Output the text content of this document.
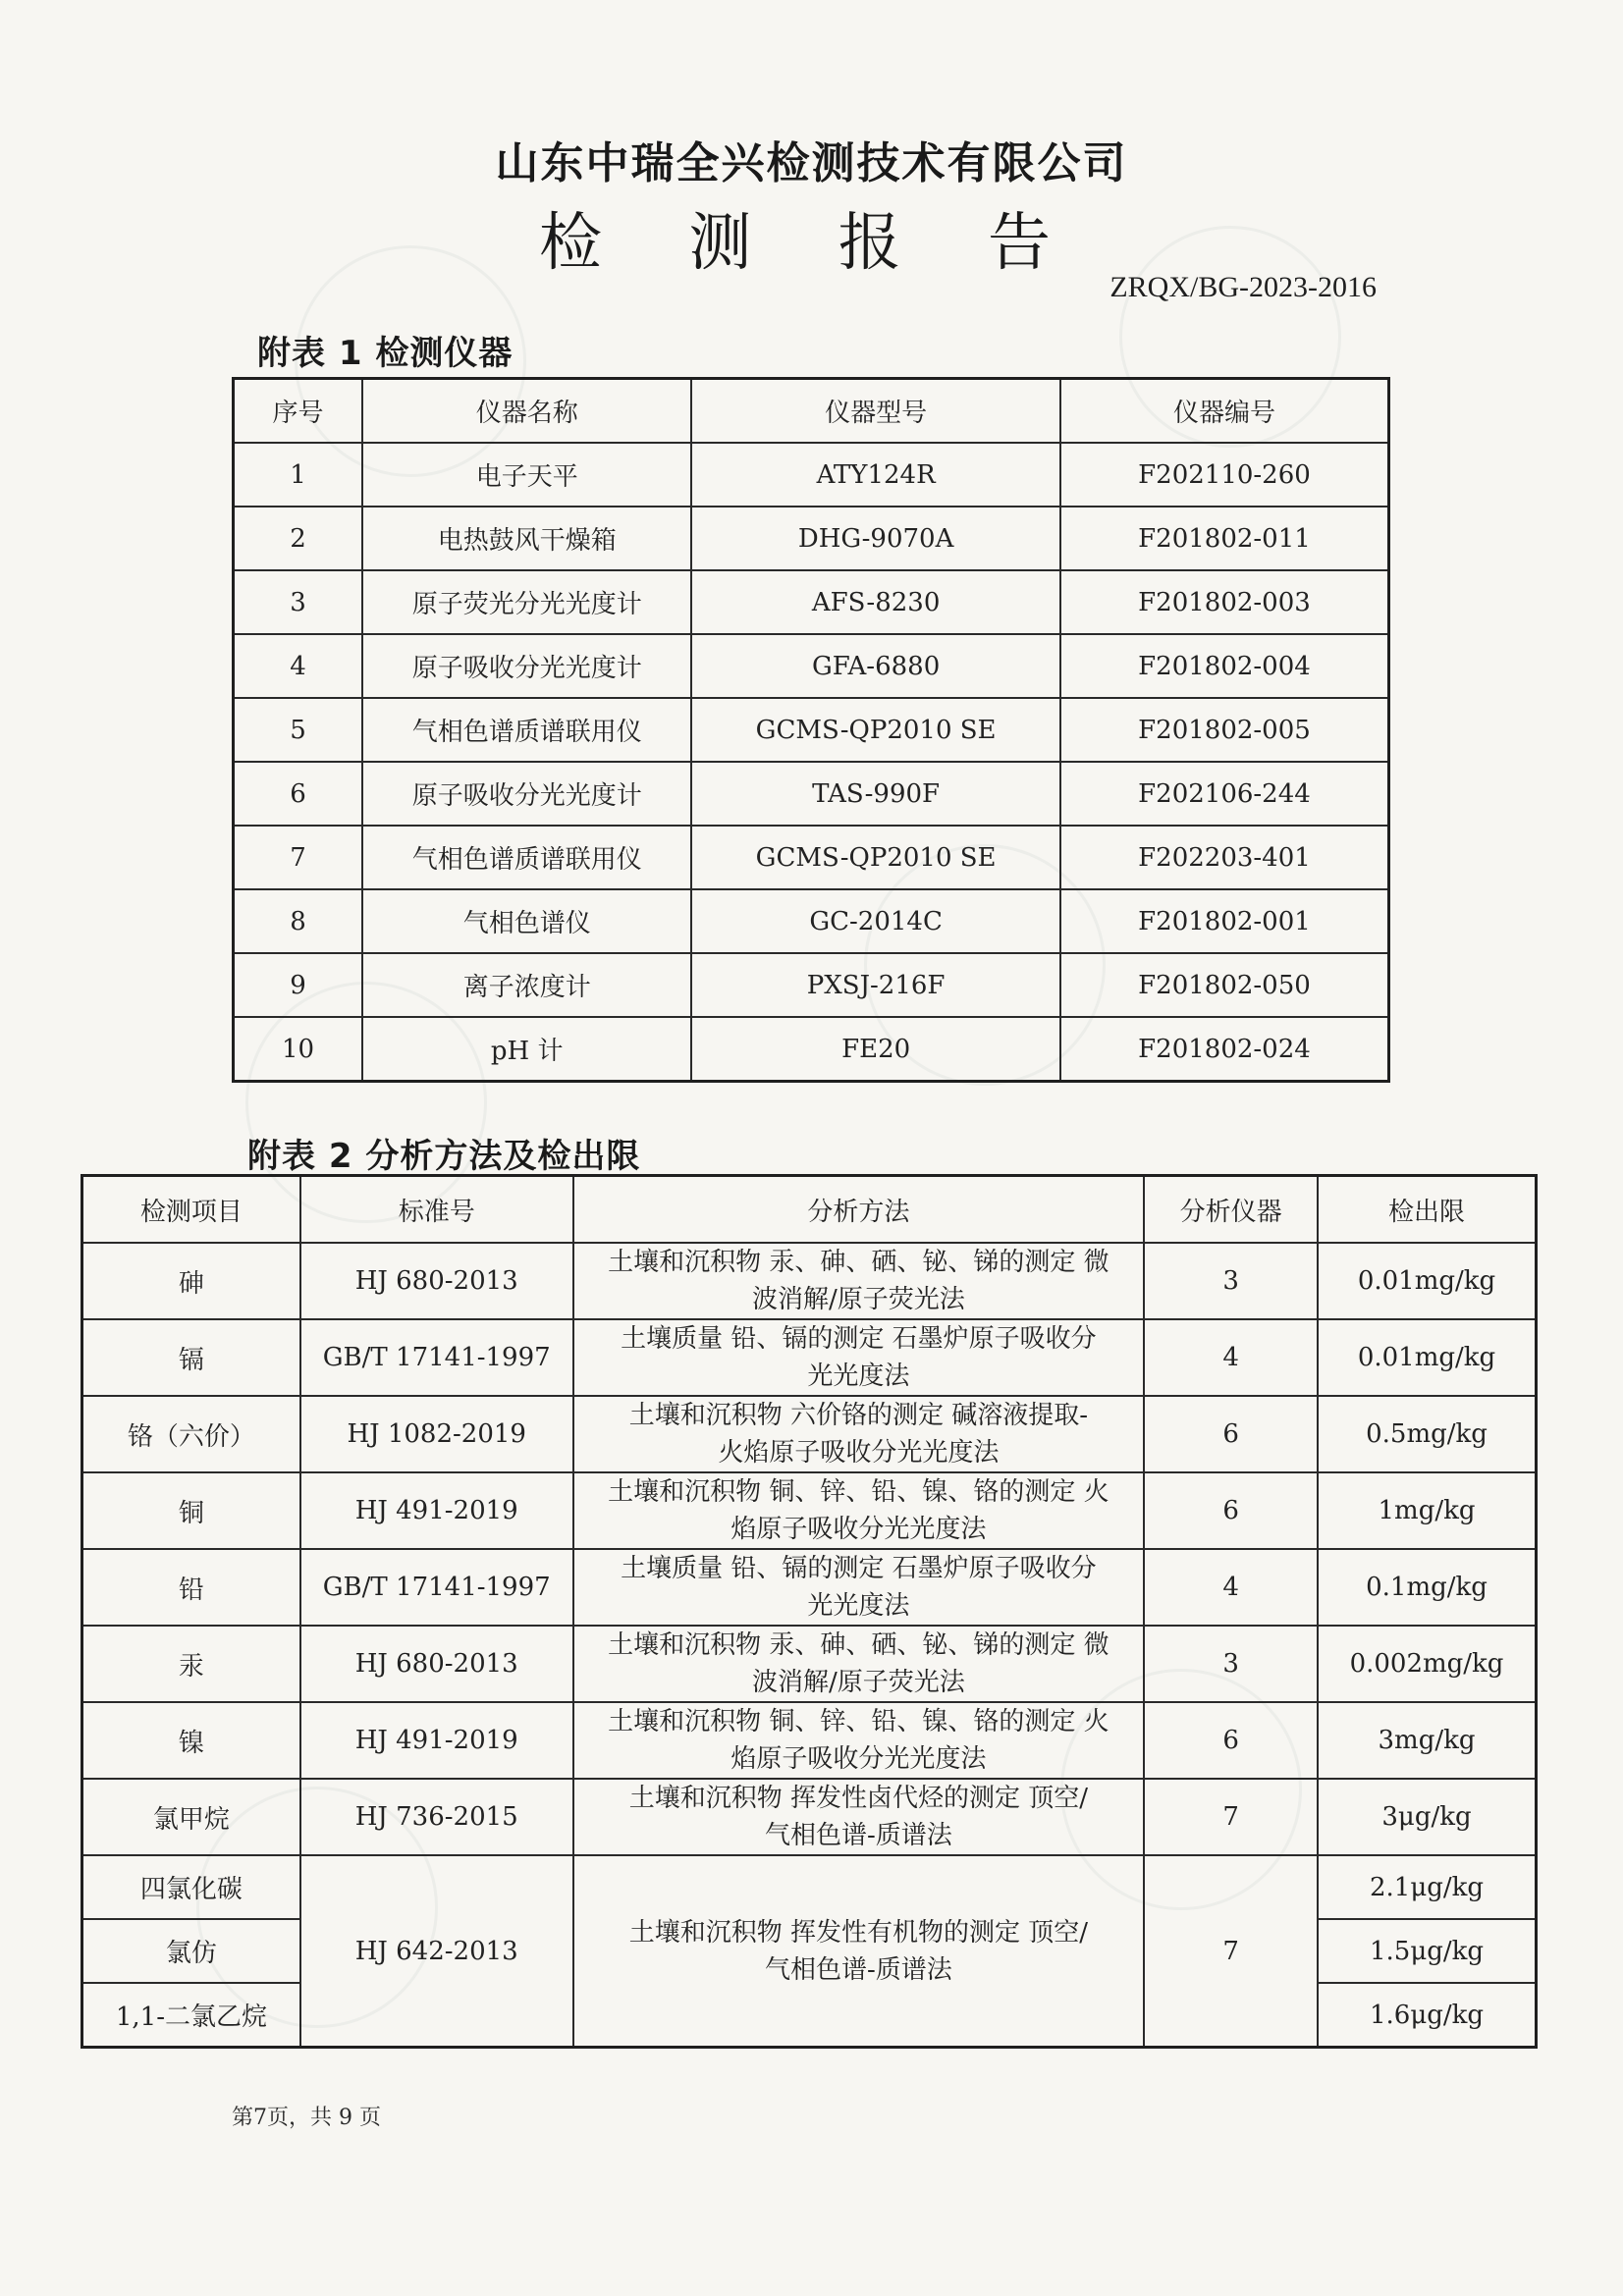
山东中瑞全兴检测技术有限公司
检 测 报 告
ZRQX/BG-2023-2016
附表 1 检测仪器
序号	仪器名称	仪器型号	仪器编号
1	电子天平	ATY124R	F202110-260
2	电热鼓风干燥箱	DHG-9070A	F201802-011
3	原子荧光分光光度计	AFS-8230	F201802-003
4	原子吸收分光光度计	GFA-6880	F201802-004
5	气相色谱质谱联用仪	GCMS-QP2010 SE	F201802-005
6	原子吸收分光光度计	TAS-990F	F202106-244
7	气相色谱质谱联用仪	GCMS-QP2010 SE	F202203-401
8	气相色谱仪	GC-2014C	F201802-001
9	离子浓度计	PXSJ-216F	F201802-050
10	pH 计	FE20	F201802-024
附表 2 分析方法及检出限
检测项目	标准号	分析方法	分析仪器	检出限
砷	HJ 680-2013	土壤和沉积物 汞、砷、硒、铋、锑的测定 微
波消解/原子荧光法	3	0.01mg/kg
镉	GB/T 17141-1997	土壤质量 铅、镉的测定 石墨炉原子吸收分
光光度法	4	0.01mg/kg
铬（六价）	HJ 1082-2019	土壤和沉积物 六价铬的测定 碱溶液提取-
火焰原子吸收分光光度法	6	0.5mg/kg
铜	HJ 491-2019	土壤和沉积物 铜、锌、铅、镍、铬的测定 火
焰原子吸收分光光度法	6	1mg/kg
铅	GB/T 17141-1997	土壤质量 铅、镉的测定 石墨炉原子吸收分
光光度法	4	0.1mg/kg
汞	HJ 680-2013	土壤和沉积物 汞、砷、硒、铋、锑的测定 微
波消解/原子荧光法	3	0.002mg/kg
镍	HJ 491-2019	土壤和沉积物 铜、锌、铅、镍、铬的测定 火
焰原子吸收分光光度法	6	3mg/kg
氯甲烷	HJ 736-2015	土壤和沉积物 挥发性卤代烃的测定 顶空/
气相色谱-质谱法	7	3μg/kg
四氯化碳	HJ 642-2013	土壤和沉积物 挥发性有机物的测定 顶空/
气相色谱-质谱法	7	2.1μg/kg
氯仿				1.5μg/kg
1,1-二氯乙烷				1.6μg/kg
第7页，共 9 页
